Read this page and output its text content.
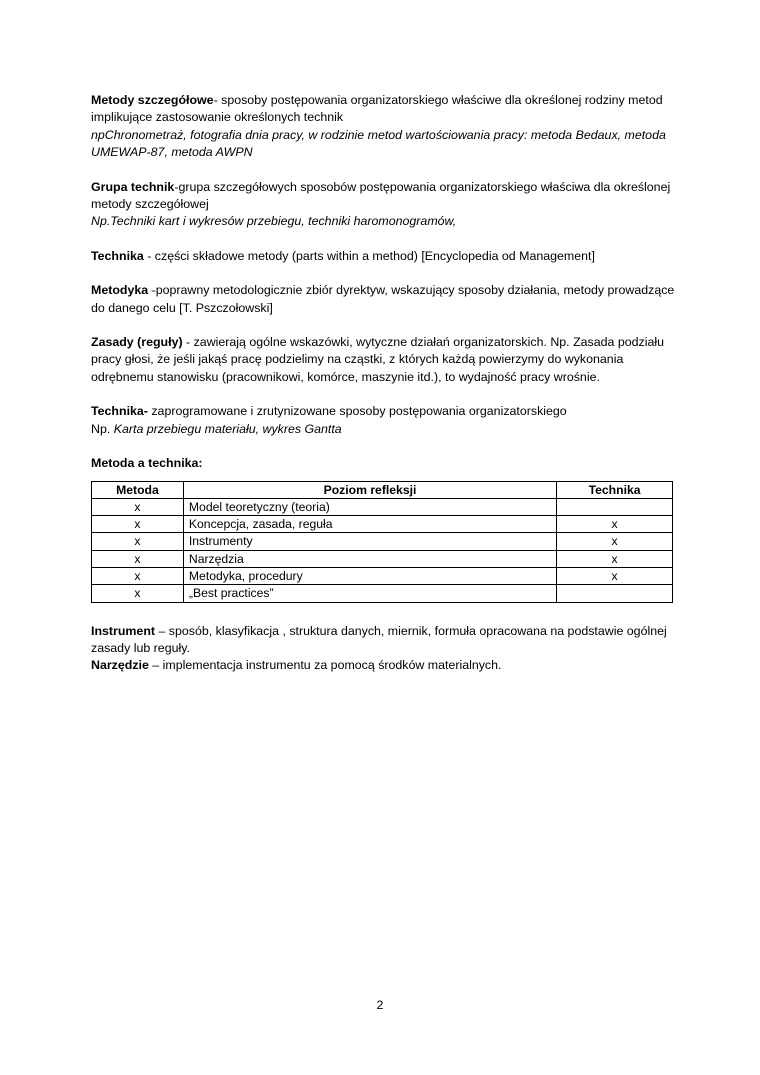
Metody szczegółowe- sposoby postępowania organizatorskiego właściwe dla określonej rodziny metod implikujące zastosowanie określonych technik

npChronometraż, fotografia dnia pracy, w rodzinie metod wartościowania pracy: metoda Bedaux, metoda UMEWAP-87, metoda AWPN

Grupa technik-grupa szczegółowych sposobów postępowania organizatorskiego właściwa dla określonej metody szczegółowej

Np.Techniki kart i wykresów przebiegu, techniki haromonogramów,

Technika - części składowe metody (parts within a method) [Encyclopedia od Management]

Metodyka -poprawny metodologicznie zbiór dyrektyw, wskazujący sposoby działania, metody prowadzące do danego celu [T. Pszczołowski]

Zasady (reguły) - zawierają ogólne wskazówki, wytyczne działań organizatorskich. Np. Zasada podziału pracy głosi, że jeśli jakąś pracę podzielimy na cząstki, z których każdą powierzymy do wykonania odrębnemu stanowisku (pracownikowi, komórce, maszynie itd.), to wydajność pracy wrośnie.

Technika- zaprogramowane i zrutynizowane sposoby postępowania organizatorskiego

Np. Karta przebiegu materiału, wykres Gantta

Metoda a technika:

Metoda	Poziom refleksji	Technika
x	Model teoretyczny (teoria)	
x	Koncepcja, zasada, reguła	x
x	Instrumenty	x
x	Narzędzia	x
x	Metodyka, procedury	x
x	„Best practices”	

Instrument – sposób, klasyfikacja , struktura danych, miernik, formuła opracowana na podstawie ogólnej zasady lub reguły.

Narzędzie – implementacja instrumentu za pomocą środków materialnych.

2
